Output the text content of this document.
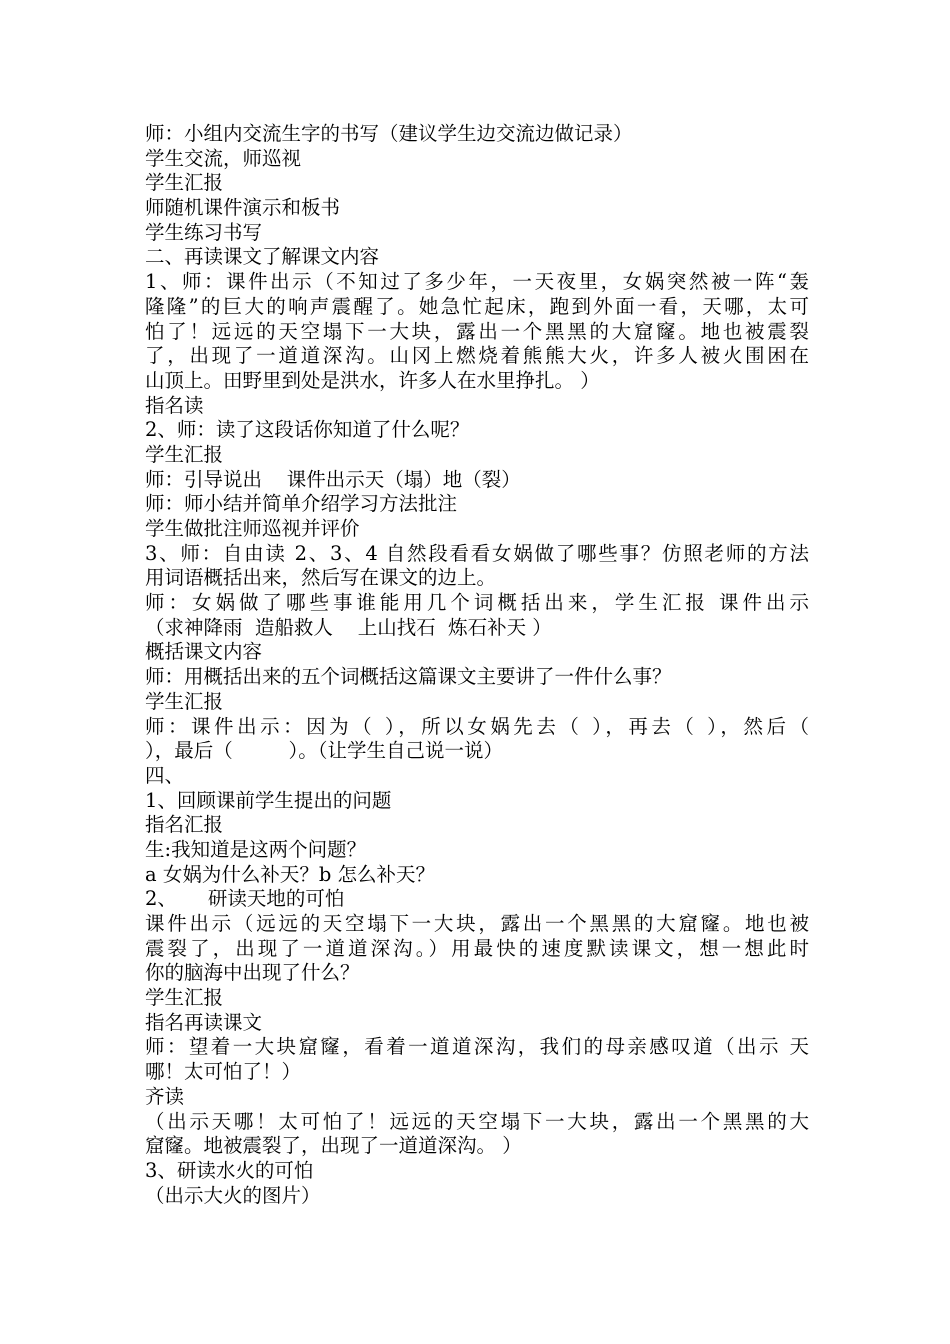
师：小组内交流生字的书写（建议学生边交流边做记录）
学生交流，师巡视
学生汇报
师随机课件演示和板书
学生练习书写
二、再读课文了解课文内容
1、师：课件出示（不知过了多少年，一天夜里，女娲突然被一阵“轰
隆隆”的巨大的响声震醒了。她急忙起床，跑到外面一看，天哪，太可
怕了！远远的天空塌下一大块，露出一个黑黑的大窟窿。地也被震裂
了，出现了一道道深沟。山冈上燃烧着熊熊大火，许多人被火围困在
山顶上。田野里到处是洪水，许多人在水里挣扎。 ）
指名读
2、师：读了这段话你知道了什么呢？
学生汇报
师：引导说出    课件出示天（塌）地（裂）
师：师小结并简单介绍学习方法批注
学生做批注师巡视并评价
3、师：自由读 2、3、4 自然段看看女娲做了哪些事？仿照老师的方法
用词语概括出来，然后写在课文的边上。
师：女娲做了哪些事谁能用几个词概括出来，学生汇报 课件出示
（求神降雨  造船救人    上山找石  炼石补天 ）
概括课文内容
师：用概括出来的五个词概括这篇课文主要讲了一件什么事？
学生汇报
师：课件出示：因为（ ），所以女娲先去（ ），再去（ ），然后（
），最后（         ）。（让学生自己说一说）
四、
1、回顾课前学生提出的问题
指名汇报
生:我知道是这两个问题？
a 女娲为什么补天？b 怎么补天？
2、     研读天地的可怕
课件出示（远远的天空塌下一大块，露出一个黑黑的大窟窿。地也被
震裂了，出现了一道道深沟。）用最快的速度默读课文，想一想此时
你的脑海中出现了什么？
学生汇报
指名再读课文
师：望着一大块窟窿，看着一道道深沟，我们的母亲感叹道（出示 天
哪！太可怕了！）
齐读
（出示天哪！太可怕了！远远的天空塌下一大块，露出一个黑黑的大
窟窿。地被震裂了，出现了一道道深沟。 ）
3、研读水火的可怕
（出示大火的图片）
